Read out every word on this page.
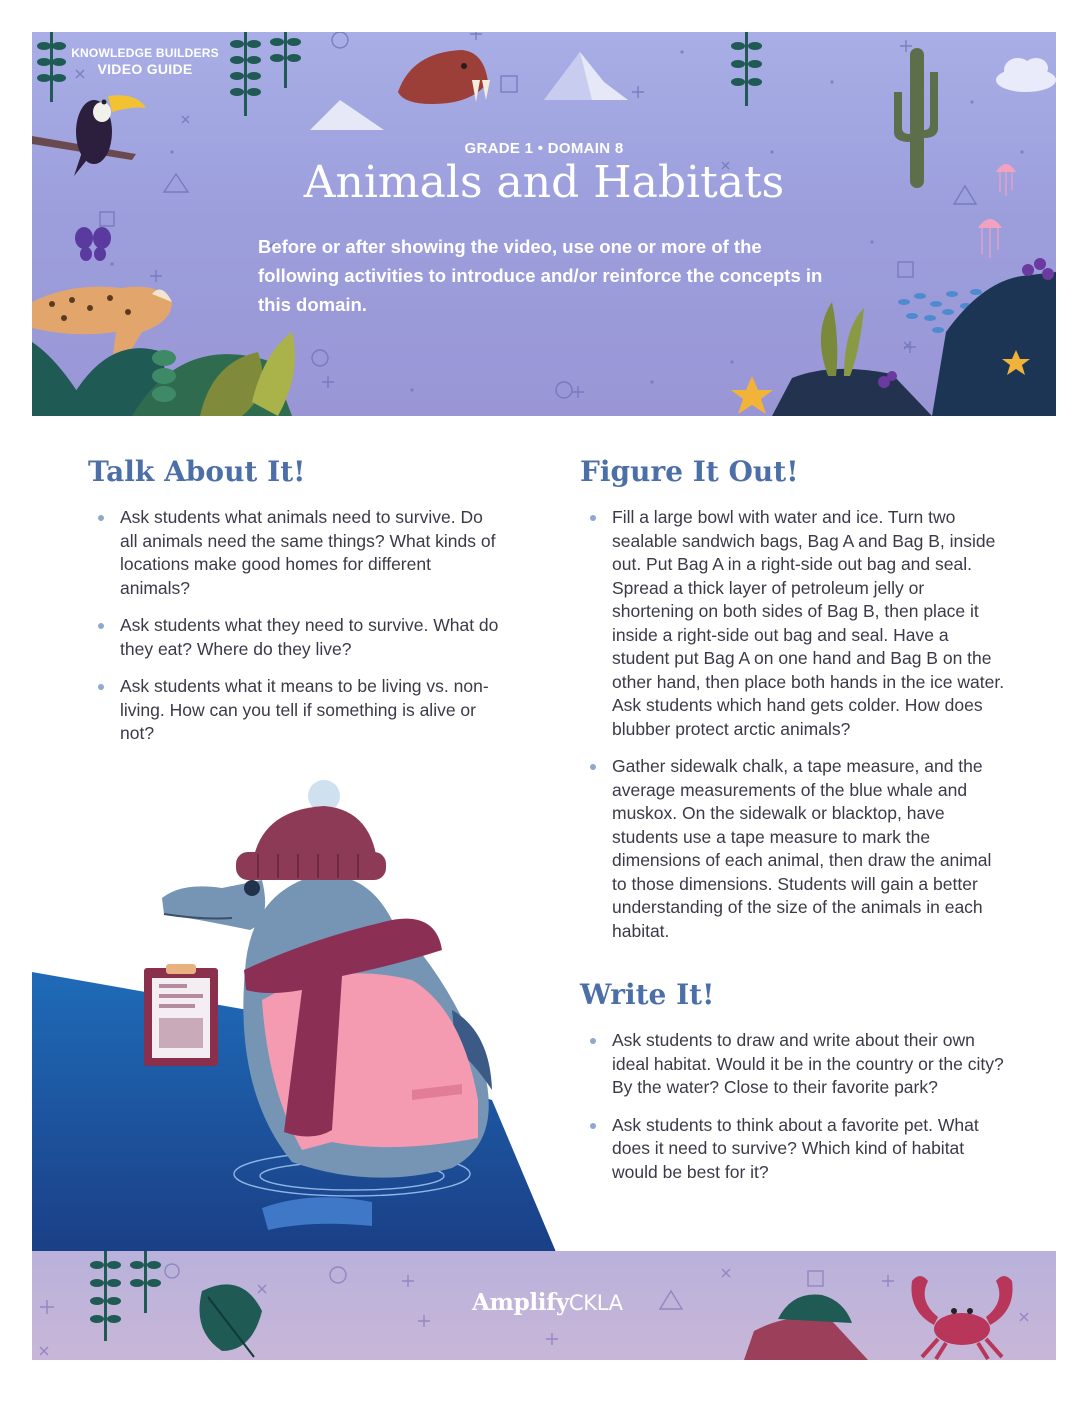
KNOWLEDGE BUILDERS
VIDEO GUIDE
GRADE 1 • DOMAIN 8
Animals and Habitats

Before or after showing the video, use one or more of the following activities to introduce and/or reinforce the concepts in this domain.

Talk About It!
Ask students what animals need to survive. Do all animals need the same things? What kinds of locations make good homes for different animals?
Ask students what they need to survive. What do they eat? Where do they live?
Ask students what it means to be living vs. non-living. How can you tell if something is alive or not?
Figure It Out!
Fill a large bowl with water and ice. Turn two sealable sandwich bags, Bag A and Bag B, inside out. Put Bag A in a right-side out bag and seal. Spread a thick layer of petroleum jelly or shortening on both sides of Bag B, then place it inside a right-side out bag and seal. Have a student put Bag A on one hand and Bag B on the other hand, then place both hands in the ice water. Ask students which hand gets colder. How does blubber protect arctic animals?
Gather sidewalk chalk, a tape measure, and the average measurements of the blue whale and muskox. On the sidewalk or blacktop, have students use a tape measure to mark the dimensions of each animal, then draw the animal to those dimensions. Students will gain a better understanding of the size of the animals in each habitat.
Write It!
Ask students to draw and write about their own ideal habitat. Would it be in the country or the city? By the water? Close to their favorite park?
Ask students to think about a favorite pet. What does it need to survive? Which kind of habitat would be best for it?
AmplifyCKLA
